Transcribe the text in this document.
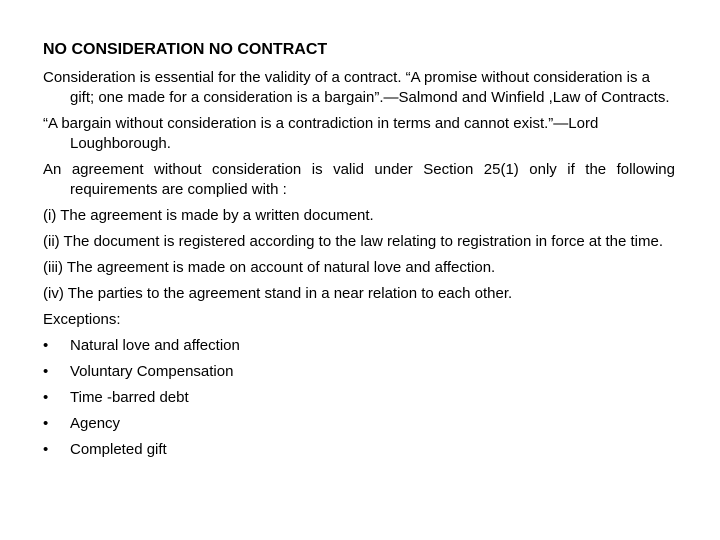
NO CONSIDERATION NO CONTRACT

Consideration is essential for the validity of a contract. “A promise without consideration is a gift; one made for a consideration is a bargain”.—Salmond and Winfield ,Law of Contracts.

“A bargain without consideration is a contradiction in terms and cannot exist.”—Lord Loughborough.

An agreement without consideration is valid under Section 25(1) only if the following requirements are complied with :

(i) The agreement is made by a written document.

(ii) The document is registered according to the law relating to registration in force at the time.

(iii) The agreement is made on account of natural love and affection.

(iv) The parties to the agreement stand in a near relation to each other.

Exceptions:

•	Natural love and affection
•	Voluntary Compensation
•	Time -barred debt
•	Agency
•	Completed gift
